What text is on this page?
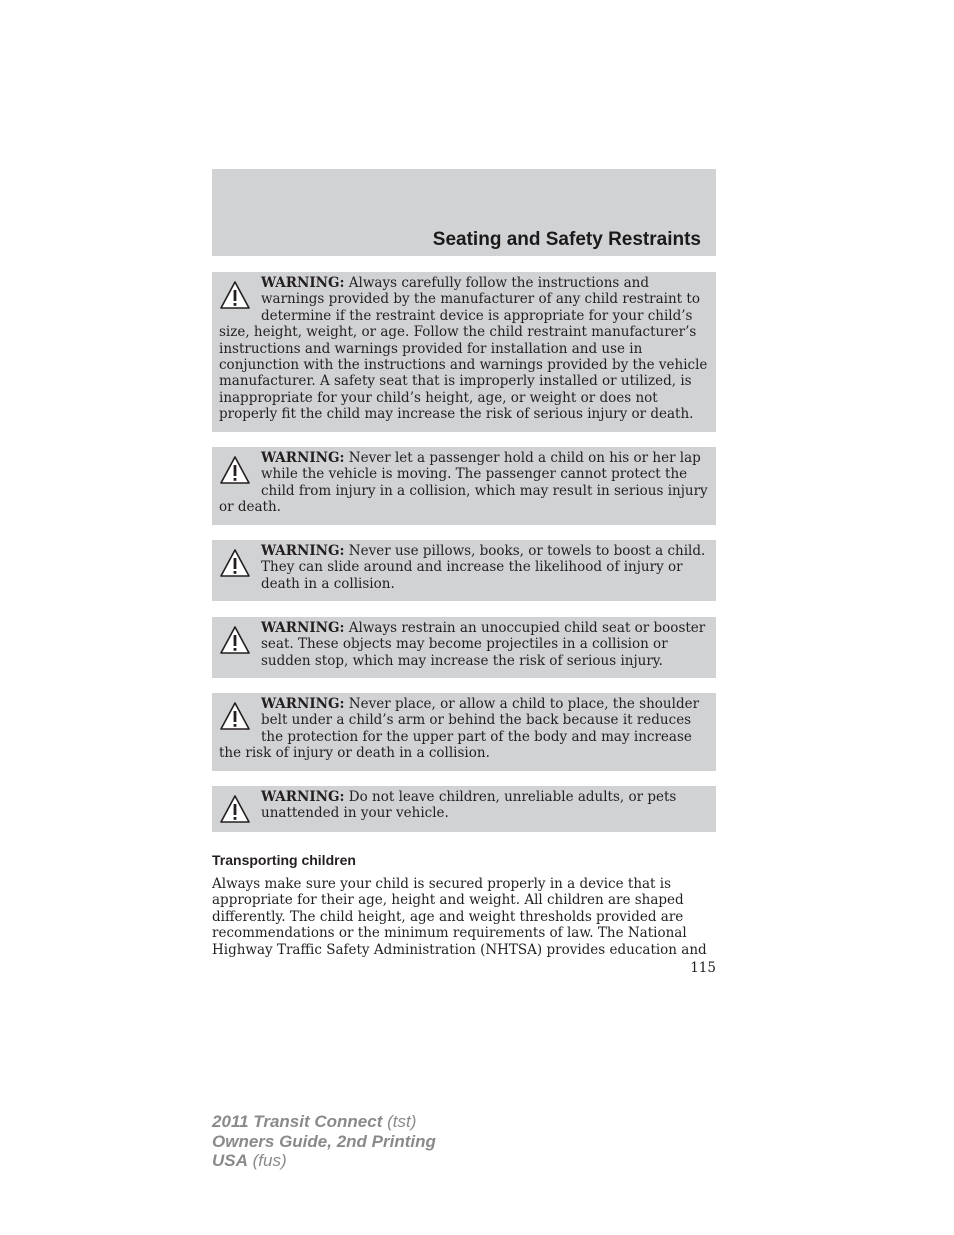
Seating and Safety Restraints
WARNING: Always carefully follow the instructions and warnings provided by the manufacturer of any child restraint to determine if the restraint device is appropriate for your child’s size, height, weight, or age. Follow the child restraint manufacturer’s instructions and warnings provided for installation and use in conjunction with the instructions and warnings provided by the vehicle manufacturer. A safety seat that is improperly installed or utilized, is inappropriate for your child’s height, age, or weight or does not properly fit the child may increase the risk of serious injury or death.
WARNING: Never let a passenger hold a child on his or her lap while the vehicle is moving. The passenger cannot protect the child from injury in a collision, which may result in serious injury or death.
WARNING: Never use pillows, books, or towels to boost a child. They can slide around and increase the likelihood of injury or death in a collision.
WARNING: Always restrain an unoccupied child seat or booster seat. These objects may become projectiles in a collision or sudden stop, which may increase the risk of serious injury.
WARNING: Never place, or allow a child to place, the shoulder belt under a child’s arm or behind the back because it reduces the protection for the upper part of the body and may increase the risk of injury or death in a collision.
WARNING: Do not leave children, unreliable adults, or pets unattended in your vehicle.
Transporting children

Always make sure your child is secured properly in a device that is appropriate for their age, height and weight. All children are shaped differently. The child height, age and weight thresholds provided are recommendations or the minimum requirements of law. The National Highway Traffic Safety Administration (NHTSA) provides education and

115
2011 Transit Connect (tst)
Owners Guide, 2nd Printing
USA (fus)
